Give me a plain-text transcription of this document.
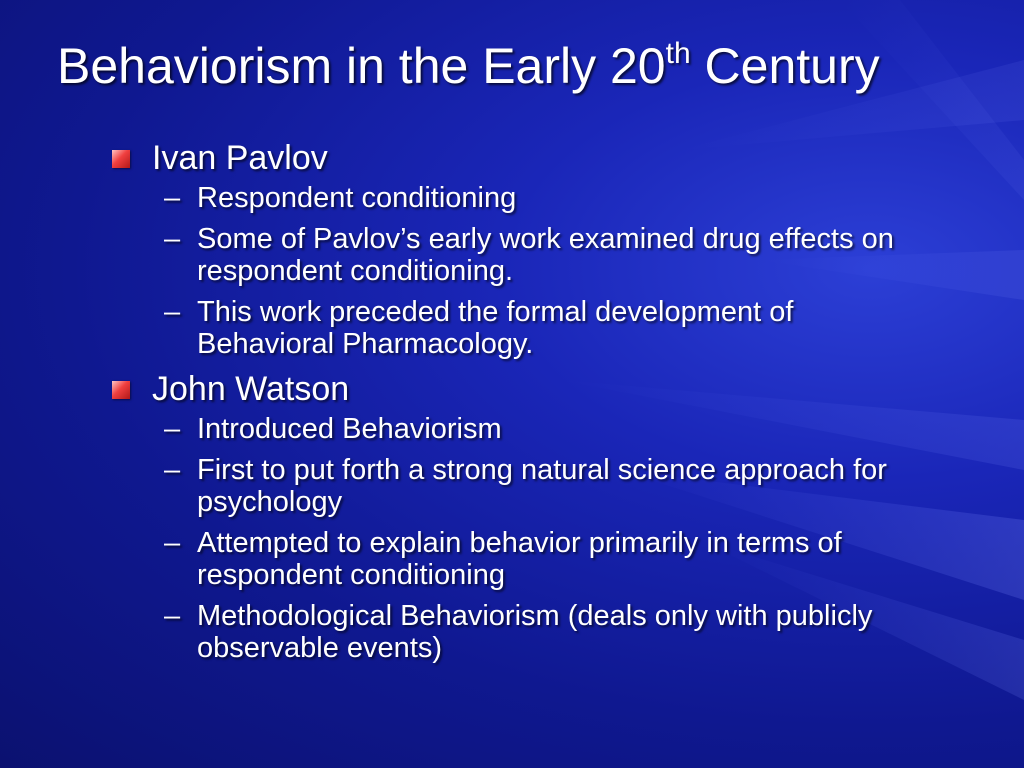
Behaviorism in the Early 20th Century
Ivan Pavlov
– Respondent conditioning
– Some of Pavlov’s early work examined drug effects on respondent conditioning.
– This work preceded the formal development of Behavioral Pharmacology.
John Watson
– Introduced Behaviorism
– First to put forth a strong natural science approach for psychology
– Attempted to explain behavior primarily in terms of respondent conditioning
– Methodological Behaviorism (deals only with publicly observable events)
